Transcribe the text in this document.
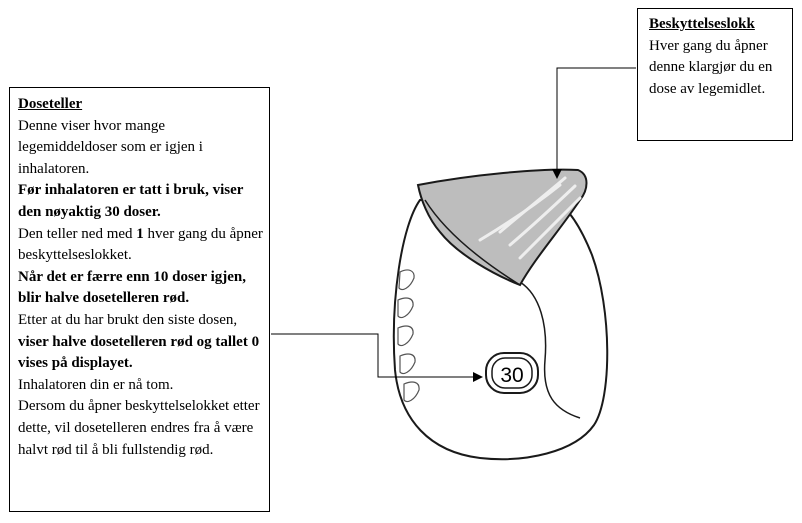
30
Doseteller
Denne viser hvor mange legemiddeldoser som er igjen i inhalatoren.
Før inhalatoren er tatt i bruk, viser den nøyaktig 30 doser.
Den teller ned med 1 hver gang du åpner beskyttelseslokket.
Når det er færre enn 10 doser igjen, blir halve dosetelleren rød.
Etter at du har brukt den siste dosen, viser halve dosetelleren rød og tallet 0 vises på displayet.
Inhalatoren din er nå tom.
Dersom du åpner beskyttelselokket etter dette, vil dosetelleren endres fra å være halvt rød til å bli fullstendig rød.
Beskyttelseslokk
Hver gang du åpner denne klargjør du en dose av legemidlet.
